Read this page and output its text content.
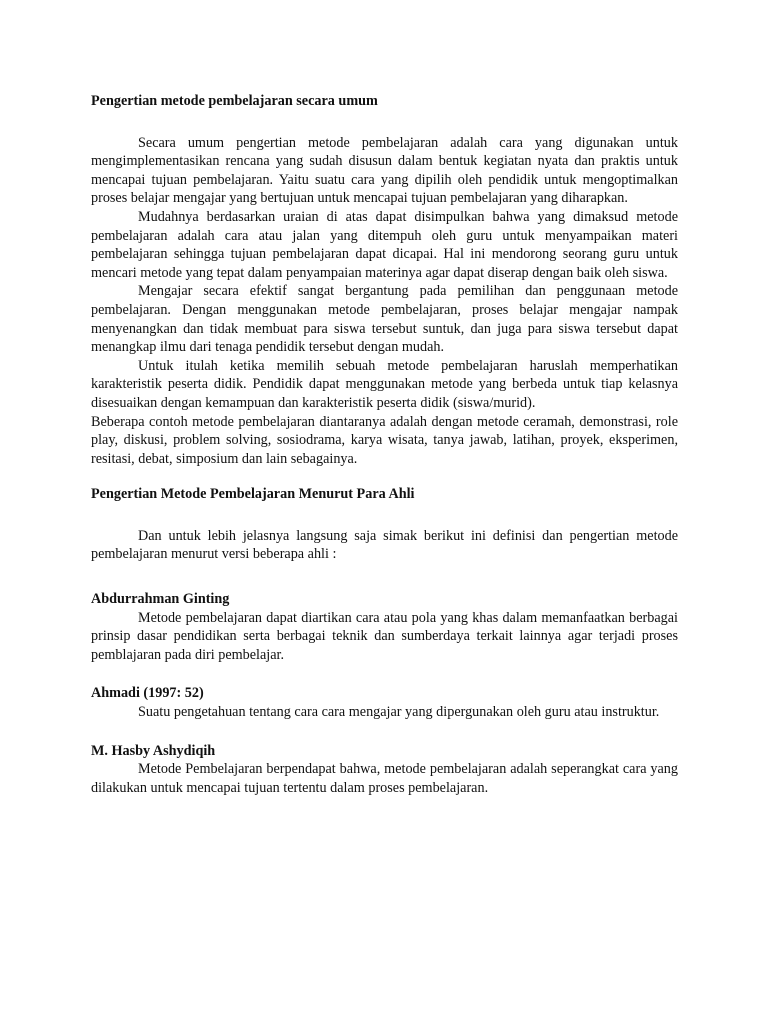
Pengertian metode pembelajaran secara umum

Secara umum pengertian metode pembelajaran adalah cara yang digunakan untuk mengimplementasikan rencana yang sudah disusun dalam bentuk kegiatan nyata dan praktis untuk mencapai tujuan pembelajaran. Yaitu suatu cara yang dipilih oleh pendidik untuk mengoptimalkan proses belajar mengajar yang bertujuan untuk mencapai tujuan pembelajaran yang diharapkan.

Mudahnya berdasarkan uraian di atas dapat disimpulkan bahwa yang dimaksud metode pembelajaran adalah cara atau jalan yang ditempuh oleh guru untuk menyampaikan materi pembelajaran sehingga tujuan pembelajaran dapat dicapai. Hal ini mendorong seorang guru untuk mencari metode yang tepat dalam penyampaian materinya agar dapat diserap dengan baik oleh siswa.

Mengajar secara efektif sangat bergantung pada pemilihan dan penggunaan metode pembelajaran. Dengan menggunakan metode pembelajaran, proses belajar mengajar nampak menyenangkan dan tidak membuat para siswa tersebut suntuk, dan juga para siswa tersebut dapat menangkap ilmu dari tenaga pendidik tersebut dengan mudah.

Untuk itulah ketika memilih sebuah metode pembelajaran haruslah memperhatikan karakteristik peserta didik. Pendidik dapat menggunakan metode yang berbeda untuk tiap kelasnya disesuaikan dengan kemampuan dan karakteristik peserta didik (siswa/murid).

Beberapa contoh metode pembelajaran diantaranya adalah dengan metode ceramah, demonstrasi, role play, diskusi, problem solving, sosiodrama, karya wisata, tanya jawab, latihan, proyek, eksperimen, resitasi, debat, simposium dan lain sebagainya.

Pengertian Metode Pembelajaran Menurut Para Ahli

Dan untuk lebih jelasnya langsung saja simak berikut ini definisi dan pengertian metode pembelajaran menurut versi beberapa ahli :

Abdurrahman Ginting

Metode pembelajaran dapat diartikan cara atau pola yang khas dalam memanfaatkan berbagai prinsip dasar pendidikan serta berbagai teknik dan sumberdaya terkait lainnya agar terjadi proses pemblajaran pada diri pembelajar.

Ahmadi (1997: 52)

Suatu pengetahuan tentang cara cara mengajar yang dipergunakan oleh guru atau instruktur.

M. Hasby Ashydiqih

Metode Pembelajaran berpendapat bahwa, metode pembelajaran adalah seperangkat cara yang dilakukan untuk mencapai tujuan tertentu dalam proses pembelajaran.
